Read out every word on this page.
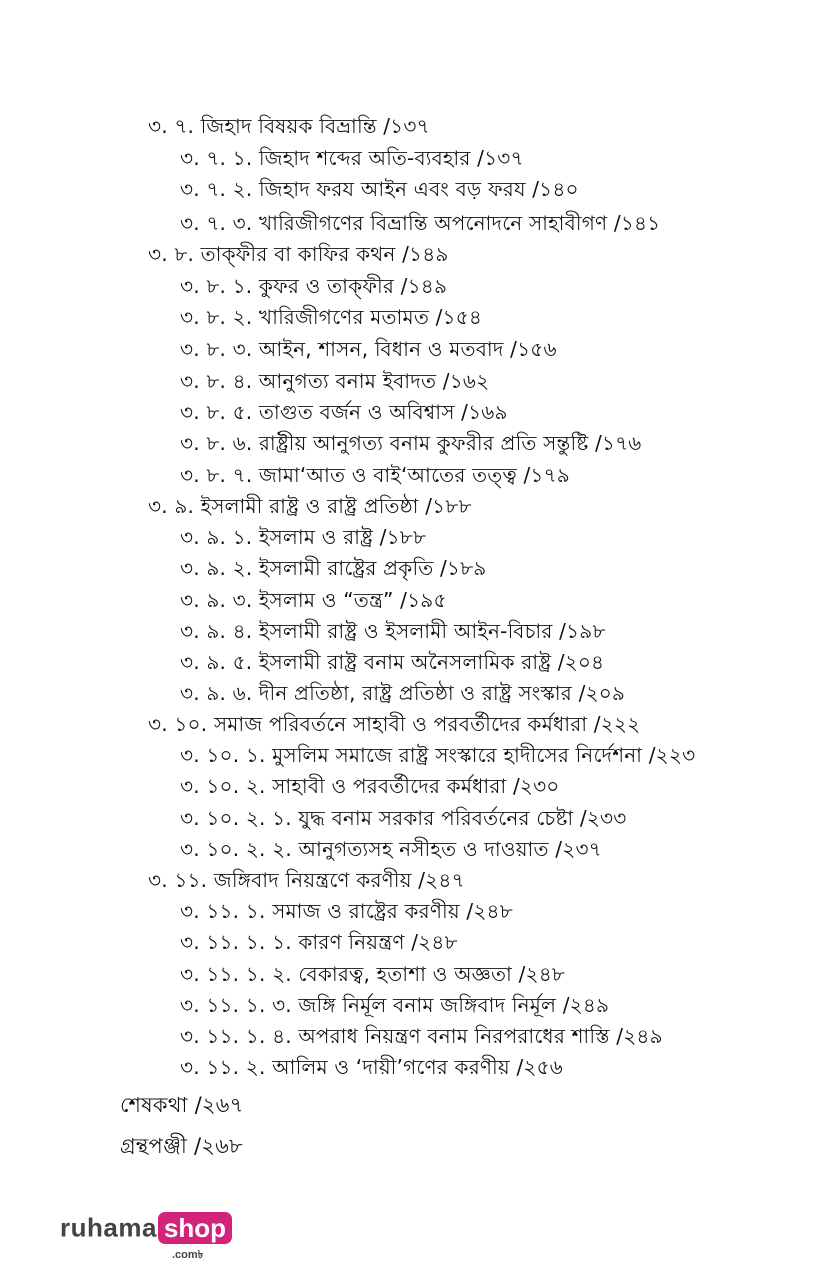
৩. ৭. জিহাদ বিষয়ক বিভ্রান্তি /১৩৭
৩. ৭. ১. জিহাদ শব্দের অতি-ব্যবহার /১৩৭
৩. ৭. ২. জিহাদ ফরয আইন এবং বড় ফরয /১৪০
৩. ৭. ৩. খারিজীগণের বিভ্রান্তি অপনোদনে সাহাবীগণ /১৪১
৩. ৮. তাক্‌ফীর বা কাফির কথন /১৪৯
৩. ৮. ১. কুফর ও তাক্‌ফীর /১৪৯
৩. ৮. ২. খারিজীগণের মতামত /১৫৪
৩. ৮. ৩. আইন, শাসন, বিধান ও মতবাদ /১৫৬
৩. ৮. ৪. আনুগত্য বনাম ইবাদত /১৬২
৩. ৮. ৫. তাগুত বর্জন ও অবিশ্বাস /১৬৯
৩. ৮. ৬. রাষ্ট্রীয় আনুগত্য বনাম কুফরীর প্রতি সন্তুষ্টি /১৭৬
৩. ৮. ৭. জামা‘আত ও বাই‘আতের তত্ত্ব /১৭৯
৩. ৯. ইসলামী রাষ্ট্র ও রাষ্ট্র প্রতিষ্ঠা /১৮৮
৩. ৯. ১. ইসলাম ও রাষ্ট্র /১৮৮
৩. ৯. ২. ইসলামী রাষ্ট্রের প্রকৃতি /১৮৯
৩. ৯. ৩. ইসলাম ও “তন্ত্র” /১৯৫
৩. ৯. ৪. ইসলামী রাষ্ট্র ও ইসলামী আইন-বিচার /১৯৮
৩. ৯. ৫. ইসলামী রাষ্ট্র বনাম অনৈসলামিক রাষ্ট্র /২০৪
৩. ৯. ৬. দীন প্রতিষ্ঠা, রাষ্ট্র প্রতিষ্ঠা ও রাষ্ট্র সংস্কার /২০৯
৩. ১০. সমাজ পরিবর্তনে সাহাবী ও পরবর্তীদের কর্মধারা /২২২
৩. ১০. ১. মুসলিম সমাজে রাষ্ট্র সংস্কারে হাদীসের নির্দেশনা /২২৩
৩. ১০. ২. সাহাবী ও পরবর্তীদের কর্মধারা /২৩০
৩. ১০. ২. ১. যুদ্ধ বনাম সরকার পরিবর্তনের চেষ্টা /২৩৩
৩. ১০. ২. ২. আনুগত্যসহ নসীহত ও দাওয়াত /২৩৭
৩. ১১. জঙ্গিবাদ নিয়ন্ত্রণে করণীয় /২৪৭
৩. ১১. ১. সমাজ ও রাষ্ট্রের করণীয় /২৪৮
৩. ১১. ১. ১. কারণ নিয়ন্ত্রণ /২৪৮
৩. ১১. ১. ২. বেকারত্ব, হতাশা ও অজ্ঞতা /২৪৮
৩. ১১. ১. ৩. জঙ্গি নির্মূল বনাম জঙ্গিবাদ নির্মূল /২৪৯
৩. ১১. ১. ৪. অপরাধ নিয়ন্ত্রণ বনাম নিরপরাধের শাস্তি /২৪৯
৩. ১১. ২. আলিম ও ‘দায়ী’গণের করণীয় /২৫৬
শেষকথা /২৬৭
গ্রন্থপঞ্জী /২৬৮
ruhama shop
.com৳
